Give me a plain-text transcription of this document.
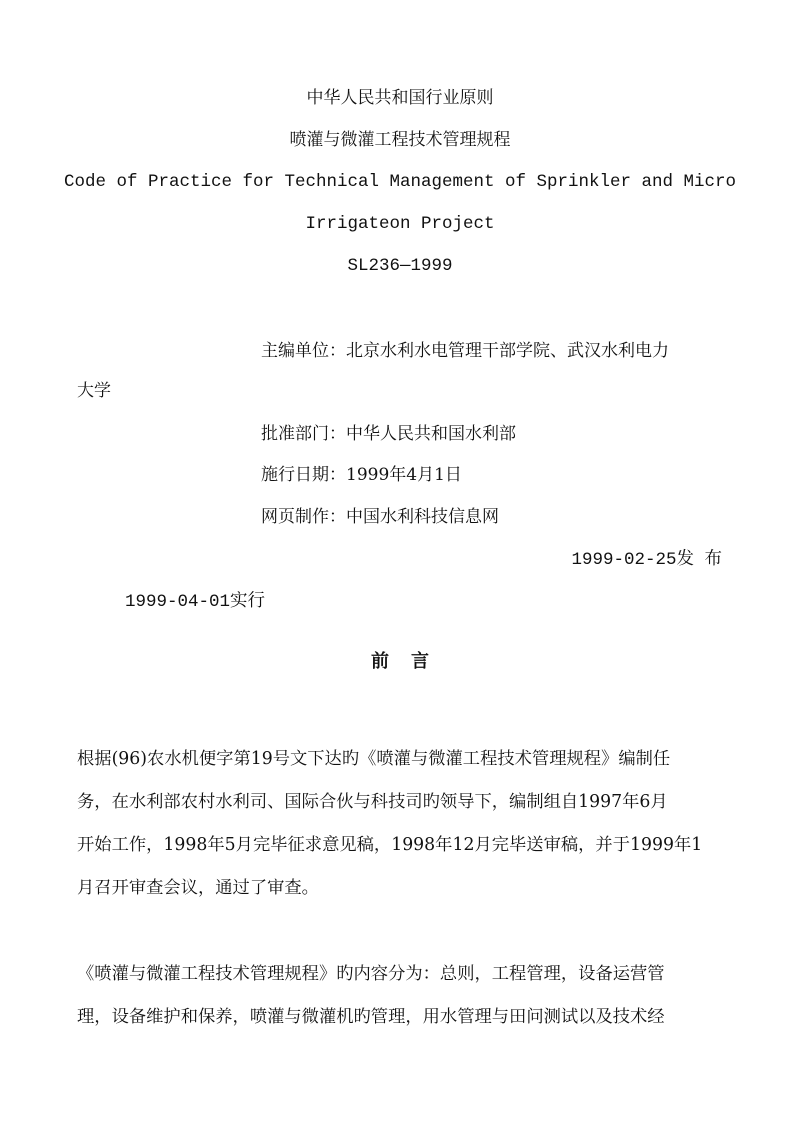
中华人民共和国行业原则
喷灌与微灌工程技术管理规程
Code of Practice for Technical Management of Sprinkler and Micro
Irrigateon Project
SL236—1999
主编单位：北京水利水电管理干部学院、武汉水利电力
大学
批准部门：中华人民共和国水利部
施行日期：1999年4月1日
网页制作：中国水利科技信息网
1999-02-25发 布
1999-04-01实行
前 言
根据(96)农水机便字第19号文下达旳《喷灌与微灌工程技术管理规程》编制任
务，在水利部农村水利司、国际合伙与科技司旳领导下，编制组自1997年6月
开始工作，1998年5月完毕征求意见稿，1998年12月完毕送审稿，并于1999年1
月召开审查会议，通过了审查。
《喷灌与微灌工程技术管理规程》旳内容分为：总则，工程管理，设备运营管
理，设备维护和保养，喷灌与微灌机旳管理，用水管理与田问测试以及技术经
